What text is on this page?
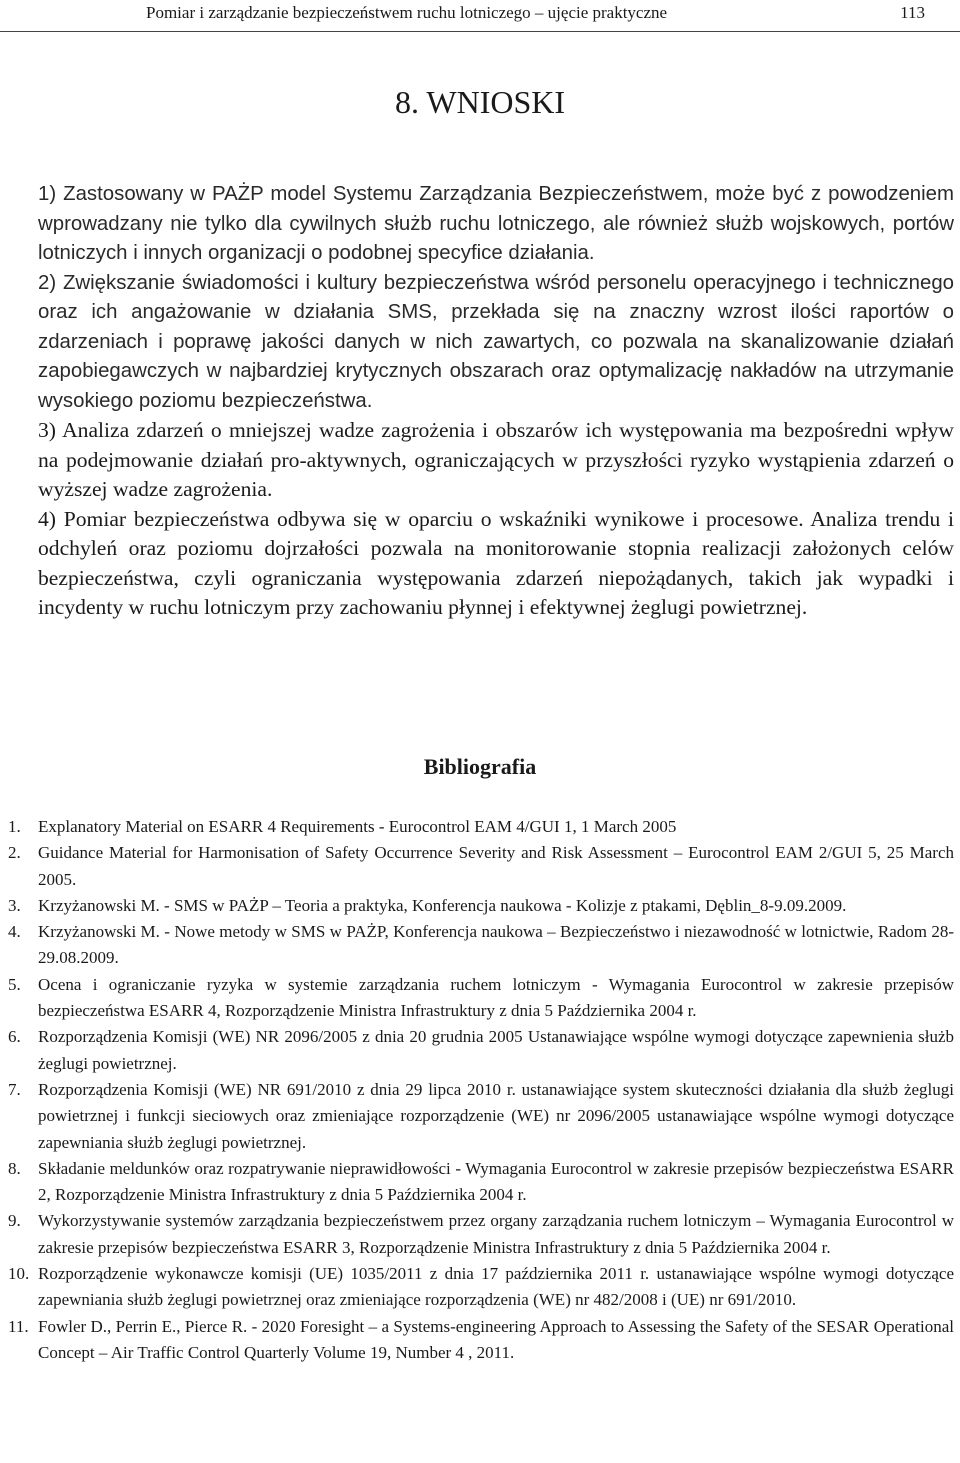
Pomiar i zarządzanie bezpieczeństwem ruchu lotniczego – ujęcie praktyczne	113
8. WNIOSKI

1) Zastosowany w PAŻP model Systemu Zarządzania Bezpieczeństwem, może być z powodzeniem wprowadzany nie tylko dla cywilnych służb ruchu lotniczego, ale również służb wojskowych, portów lotniczych i innych organizacji o podobnej specyfice działania.

2) Zwiększanie świadomości i kultury bezpieczeństwa wśród personelu operacyjnego i technicznego oraz ich angażowanie w działania SMS, przekłada się na znaczny wzrost ilości raportów o zdarzeniach i poprawę jakości danych w nich zawartych, co pozwala na skanalizowanie działań zapobiegawczych w najbardziej krytycznych obszarach oraz optymalizację nakładów na utrzymanie wysokiego poziomu bezpieczeństwa.

3) Analiza zdarzeń o mniejszej wadze zagrożenia i obszarów ich występowania ma bezpośredni wpływ na podejmowanie działań pro-aktywnych, ograniczających w przyszłości ryzyko wystąpienia zdarzeń o wyższej wadze zagrożenia.

4) Pomiar bezpieczeństwa odbywa się w oparciu o wskaźniki wynikowe i procesowe. Analiza trendu i odchyleń oraz poziomu dojrzałości pozwala na monitorowanie stopnia realizacji założonych celów bezpieczeństwa, czyli ograniczania występowania zdarzeń niepożądanych, takich jak wypadki i incydenty w ruchu lotniczym przy zachowaniu płynnej i efektywnej żeglugi powietrznej.

Bibliografia
1. Explanatory Material on ESARR 4 Requirements - Eurocontrol EAM 4/GUI 1, 1 March 2005
2. Guidance Material for Harmonisation of Safety Occurrence Severity and Risk Assessment – Eurocontrol EAM 2/GUI 5, 25 March 2005.
3. Krzyżanowski M. - SMS w PAŻP – Teoria a praktyka, Konferencja naukowa - Kolizje z ptakami, Dęblin_8-9.09.2009.
4. Krzyżanowski M. - Nowe metody w SMS w PAŻP, Konferencja naukowa – Bezpieczeństwo i niezawodność w lotnictwie, Radom 28-29.08.2009.
5. Ocena i ograniczanie ryzyka w systemie zarządzania ruchem lotniczym - Wymagania Eurocontrol w zakresie przepisów bezpieczeństwa ESARR 4, Rozporządzenie Ministra Infrastruktury z dnia 5 Października 2004 r.
6. Rozporządzenia Komisji (WE) NR 2096/2005 z dnia 20 grudnia 2005 Ustanawiające wspólne wymogi dotyczące zapewnienia służb żeglugi powietrznej.
7. Rozporządzenia Komisji (WE) NR 691/2010 z dnia 29 lipca 2010 r. ustanawiające system skuteczności działania dla służb żeglugi powietrznej i funkcji sieciowych oraz zmieniające rozporządzenie (WE) nr 2096/2005 ustanawiające wspólne wymogi dotyczące zapewniania służb żeglugi powietrznej.
8. Składanie meldunków oraz rozpatrywanie nieprawidłowości - Wymagania Eurocontrol w zakresie przepisów bezpieczeństwa ESARR 2, Rozporządzenie Ministra Infrastruktury z dnia 5 Października 2004 r.
9. Wykorzystywanie systemów zarządzania bezpieczeństwem przez organy zarządzania ruchem lotniczym – Wymagania Eurocontrol w zakresie przepisów bezpieczeństwa ESARR 3, Rozporządzenie Ministra Infrastruktury z dnia 5 Października 2004 r.
10. Rozporządzenie wykonawcze komisji (UE) 1035/2011 z dnia 17 października 2011 r. ustanawiające wspólne wymogi dotyczące zapewniania służb żeglugi powietrznej oraz zmieniające rozporządzenia (WE) nr 482/2008 i (UE) nr 691/2010.
11. Fowler D., Perrin E., Pierce R. - 2020 Foresight – a Systems-engineering Approach to Assessing the Safety of the SESAR Operational Concept – Air Traffic Control Quarterly Volume 19, Number 4 , 2011.
